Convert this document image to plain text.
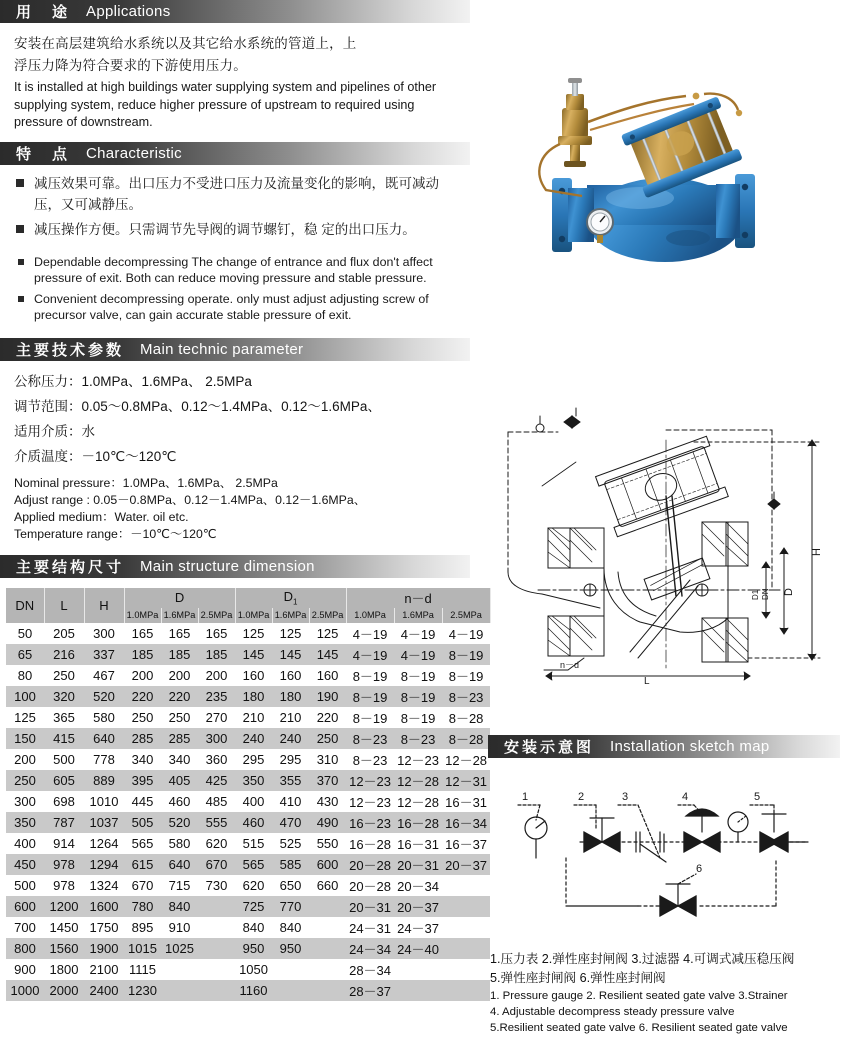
用　途 Applications
安装在高层建筑给水系统以及其它给水系统的管道上，上
浮压力降为符合要求的下游使用压力。
It is installed at high buildings water supplying system and pipelines of other supplying system, reduce higher pressure of upstream to required using pressure of downstream.
特　点 Characteristic
减压效果可靠。出口压力不受进口压力及流量变化的影响，既可减动压，又可减静压。
减压操作方便。只需调节先导阀的调节螺钉，稳 定的出口压力。
Dependable decompressing The change of entrance and flux don't affect pressure of exit. Both can reduce moving pressure and stable pressure.
Convenient decompressing operate. only must adjust adjusting screw of precursor valve, can gain accurate stable pressure of exit.
主要技术参数 Main technic parameter
公称压力：1.0MPa、1.6MPa、 2.5MPa
调节范围：0.05～0.8MPa、0.12～1.4MPa、0.12～1.6MPa、
适用介质：水
介质温度：－10℃～120℃
Nominal pressure：1.0MPa、1.6MPa、 2.5MPa
Adjust range : 0.05－0.8MPa、0.12－1.4MPa、0.12－1.6MPa、
Applied medium：Water. oil etc.
Temperature range：－10℃～120℃
主要结构尺寸 Main structure dimension
DN	L	H	D			$D_1$			n－d		
			1.0MPa	1.6MPa	2.5MPa	1.0MPa	1.6MPa	2.5MPa	1.0MPa	1.6MPa	2.5MPa
50	205	300	165	165	165	125	125	125	4－19	4－19	4－19
65	216	337	185	185	185	145	145	145	4－19	4－19	8－19
80	250	467	200	200	200	160	160	160	8－19	8－19	8－19
100	320	520	220	220	235	180	180	190	8－19	8－19	8－23
125	365	580	250	250	270	210	210	220	8－19	8－19	8－28
150	415	640	285	285	300	240	240	250	8－23	8－23	8－28
200	500	778	340	340	360	295	295	310	8－23	12－23	12－28
250	605	889	395	405	425	350	355	370	12－23	12－28	12－31
300	698	1010	445	460	485	400	410	430	12－23	12－28	16－31
350	787	1037	505	520	555	460	470	490	16－23	16－28	16－34
400	914	1264	565	580	620	515	525	550	16－28	16－31	16－37
450	978	1294	615	640	670	565	585	600	20－28	20－31	20－37
500	978	1324	670	715	730	620	650	660	20－28	20－34	
600	1200	1600	780	840		725	770		20－31	20－37	
700	1450	1750	895	910		840	840		24－31	24－37	
800	1560	1900	1015	1025		950	950		24－34	24－40	
900	1800	2100	1115			1050			28－34		
1000	2000	2400	1230			1160			28－37		
H
D
DN
D1
n－d
L
安装示意图 Installation sketch map
1	2	3	4	5
6
1.压力表 2.弹性座封闸阀 3.过滤器 4.可调式减压稳压阀
5.弹性座封闸阀 6.弹性座封闸阀
1. Pressure gauge 2. Resilient seated gate valve 3.Strainer
4. Adjustable decompress steady pressure valve
5.Resilient seated gate valve 6. Resilient seated gate valve
